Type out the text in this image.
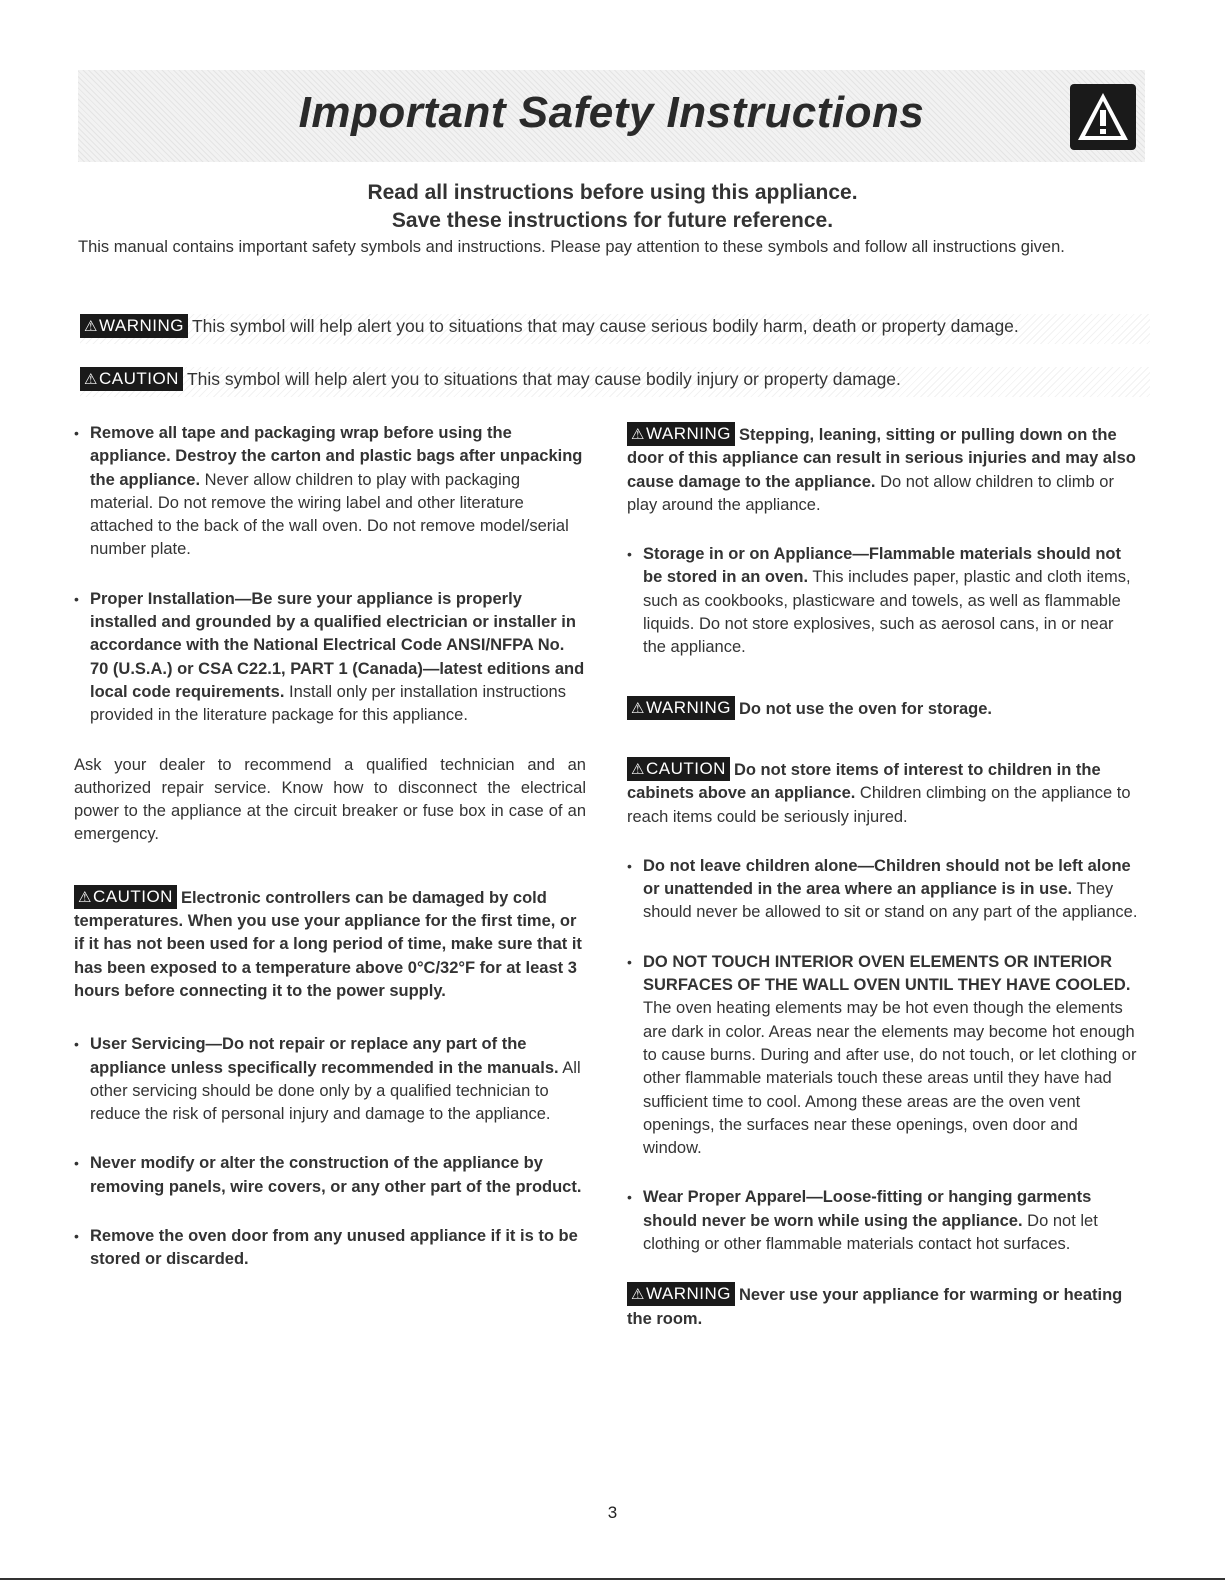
Important Safety Instructions
Read all instructions before using this appliance.
Save these instructions for future reference.
This manual contains important safety symbols and instructions. Please pay attention to these symbols and follow all instructions given.
⚠WARNING This symbol will help alert you to situations that may cause serious bodily harm, death or property damage.
⚠CAUTION This symbol will help alert you to situations that may cause bodily injury or property damage.
• Remove all tape and packaging wrap before using the appliance. Destroy the carton and plastic bags after unpacking the appliance. Never allow children to play with packaging material. Do not remove the wiring label and other literature attached to the back of the wall oven. Do not remove model/serial number plate.
• Proper Installation—Be sure your appliance is properly installed and grounded by a qualified electrician or installer in accordance with the National Electrical Code ANSI/NFPA No. 70 (U.S.A.) or CSA C22.1, PART 1 (Canada)—latest editions and local code requirements. Install only per installation instructions provided in the literature package for this appliance.
Ask your dealer to recommend a qualified technician and an authorized repair service. Know how to disconnect the electrical power to the appliance at the circuit breaker or fuse box in case of an emergency.
⚠CAUTION Electronic controllers can be damaged by cold temperatures. When you use your appliance for the first time, or if it has not been used for a long period of time, make sure that it has been exposed to a temperature above 0°C/32°F for at least 3 hours before connecting it to the power supply.
• User Servicing—Do not repair or replace any part of the appliance unless specifically recommended in the manuals. All other servicing should be done only by a qualified technician to reduce the risk of personal injury and damage to the appliance.
• Never modify or alter the construction of the appliance by removing panels, wire covers, or any other part of the product.
• Remove the oven door from any unused appliance if it is to be stored or discarded.
⚠WARNING Stepping, leaning, sitting or pulling down on the door of this appliance can result in serious injuries and may also cause damage to the appliance. Do not allow children to climb or play around the appliance.
• Storage in or on Appliance—Flammable materials should not be stored in an oven. This includes paper, plastic and cloth items, such as cookbooks, plasticware and towels, as well as flammable liquids. Do not store explosives, such as aerosol cans, in or near the appliance.
⚠WARNING Do not use the oven for storage.
⚠CAUTION Do not store items of interest to children in the cabinets above an appliance. Children climbing on the appliance to reach items could be seriously injured.
• Do not leave children alone—Children should not be left alone or unattended in the area where an appliance is in use. They should never be allowed to sit or stand on any part of the appliance.
• DO NOT TOUCH INTERIOR OVEN ELEMENTS OR INTERIOR SURFACES OF THE WALL OVEN UNTIL THEY HAVE COOLED. The oven heating elements may be hot even though the elements are dark in color. Areas near the elements may become hot enough to cause burns. During and after use, do not touch, or let clothing or other flammable materials touch these areas until they have had sufficient time to cool. Among these areas are the oven vent openings, the surfaces near these openings, oven door and window.
• Wear Proper Apparel—Loose-fitting or hanging garments should never be worn while using the appliance. Do not let clothing or other flammable materials contact hot surfaces.
⚠WARNING Never use your appliance for warming or heating the room.
3
